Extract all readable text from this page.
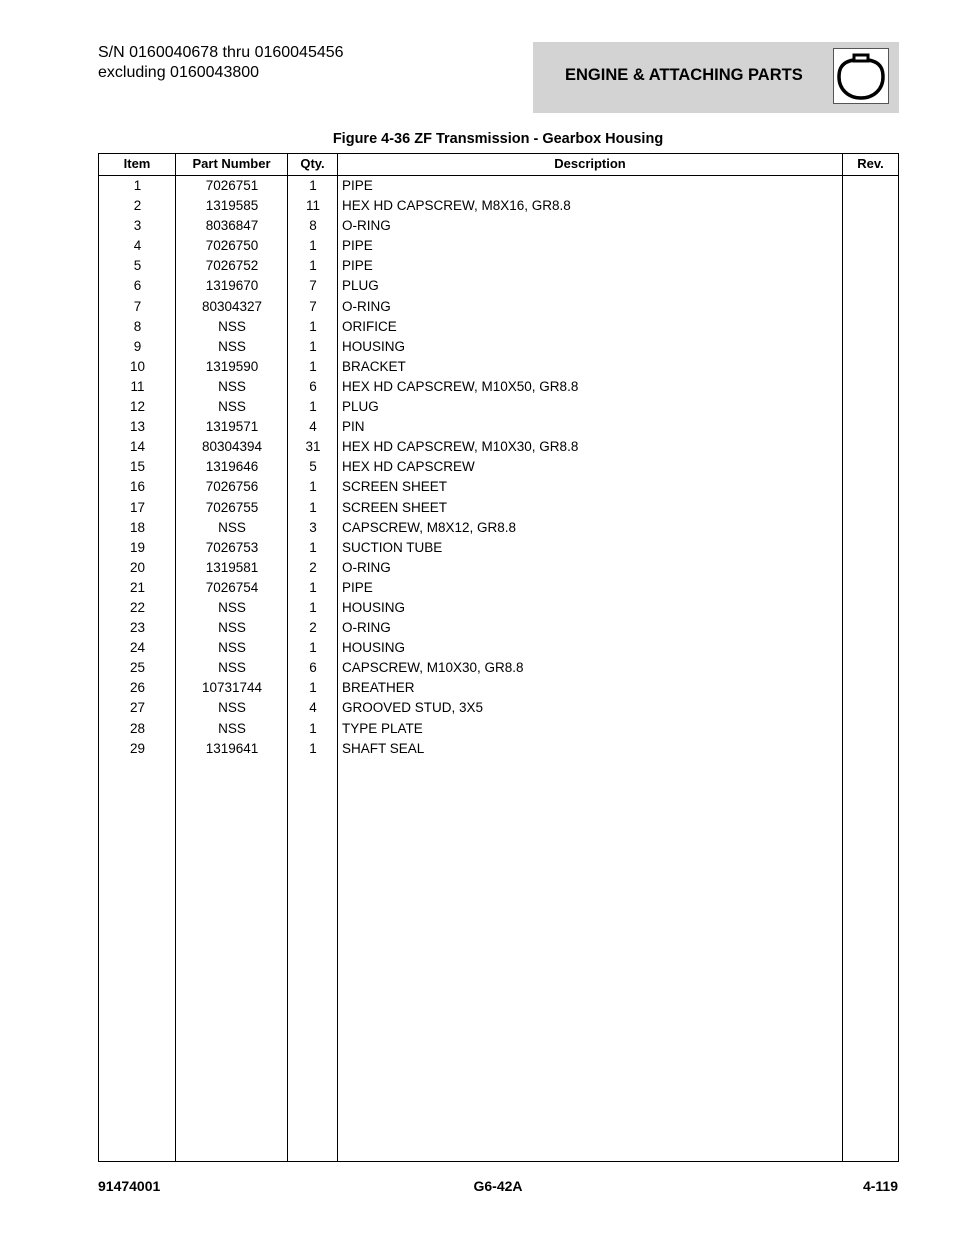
S/N 0160040678 thru 0160045456
excluding 0160043800	ENGINE & ATTACHING PARTS
Figure 4-36 ZF Transmission - Gearbox Housing
Item	Part Number	Qty.	Description	Rev.
1	7026751	1	PIPE
2	1319585	11	HEX HD CAPSCREW, M8X16, GR8.8
3	8036847	8	O-RING
4	7026750	1	PIPE
5	7026752	1	PIPE
6	1319670	7	PLUG
7	80304327	7	O-RING
8	NSS	1	ORIFICE
9	NSS	1	HOUSING
10	1319590	1	BRACKET
11	NSS	6	HEX HD CAPSCREW, M10X50, GR8.8
12	NSS	1	PLUG
13	1319571	4	PIN
14	80304394	31	HEX HD CAPSCREW, M10X30, GR8.8
15	1319646	5	HEX HD CAPSCREW
16	7026756	1	SCREEN SHEET
17	7026755	1	SCREEN SHEET
18	NSS	3	CAPSCREW, M8X12, GR8.8
19	7026753	1	SUCTION TUBE
20	1319581	2	O-RING
21	7026754	1	PIPE
22	NSS	1	HOUSING
23	NSS	2	O-RING
24	NSS	1	HOUSING
25	NSS	6	CAPSCREW, M10X30, GR8.8
26	10731744	1	BREATHER
27	NSS	4	GROOVED STUD, 3X5
28	NSS	1	TYPE PLATE
29	1319641	1	SHAFT SEAL
91474001	G6-42A	4-119
